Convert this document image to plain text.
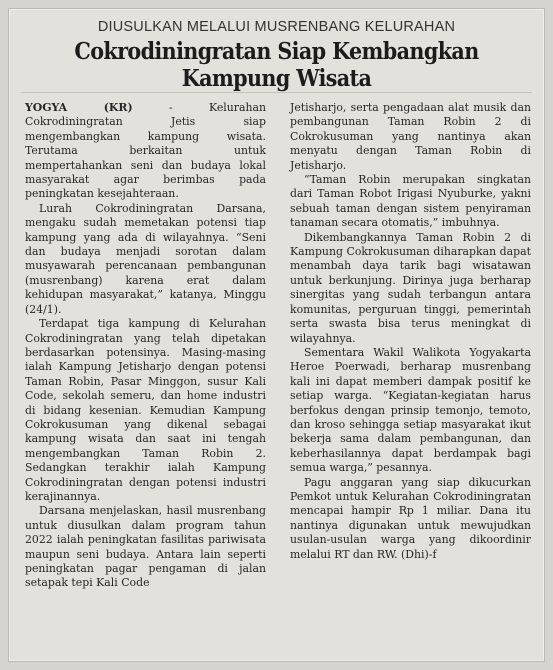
DIUSULKAN MELALUI MUSRENBANG KELURAHAN
Cokrodiningratan Siap Kembangkan Kampung Wisata

YOGYA (KR) - Kelurahan Cokrodiningratan Jetis siap mengembangkan kampung wisata. Terutama berkaitan untuk mempertahankan seni dan budaya lokal masyarakat agar berimbas pada peningkatan kesejahteraan.

Lurah Cokrodiningratan Darsana, mengaku sudah memetakan potensi tiap kampung yang ada di wilayahnya. “Seni dan budaya menjadi sorotan dalam musyawarah perencanaan pembangunan (musrenbang) karena erat dalam kehidupan masyarakat,” katanya, Minggu (24/1).

Terdapat tiga kampung di Kelurahan Cokrodiningratan yang telah dipetakan berdasarkan potensinya. Masing-masing ialah Kampung Jetisharjo dengan potensi Taman Robin, Pasar Minggon, susur Kali Code, sekolah semeru, dan home industri di bidang kesenian. Kemudian Kampung Cokrokusuman yang dikenal sebagai kampung wisata dan saat ini tengah mengembangkan Taman Robin 2. Sedangkan terakhir ialah Kampung Cokrodiningratan dengan potensi industri kerajinannya.

Darsana menjelaskan, hasil musrenbang untuk diusulkan dalam program tahun 2022 ialah peningkatan fasilitas pariwisata maupun seni budaya. Antara lain seperti peningkatan pagar pengaman di jalan setapak tepi Kali Code

Jetisharjo, serta pengadaan alat musik dan pembangunan Taman Robin 2 di Cokrokusuman yang nantinya akan menyatu dengan Taman Robin di Jetisharjo.

“Taman Robin merupakan singkatan dari Taman Robot Irigasi Nyuburke, yakni sebuah taman dengan sistem penyiraman tanaman secara otomatis,” imbuhnya.

Dikembangkannya Taman Robin 2 di Kampung Cokrokusuman diharapkan dapat menambah daya tarik bagi wisatawan untuk berkunjung. Dirinya juga berharap sinergitas yang sudah terbangun antara komunitas, perguruan tinggi, pemerintah serta swasta bisa terus meningkat di wilayahnya.

Sementara Wakil Walikota Yogyakarta Heroe Poerwadi, berharap musrenbang kali ini dapat memberi dampak positif ke setiap warga. “Kegiatan-kegiatan harus berfokus dengan prinsip temonjo, temoto, dan kroso sehingga setiap masyarakat ikut bekerja sama dalam pembangunan, dan keberhasilannya dapat berdampak bagi semua warga,” pesannya.

Pagu anggaran yang siap dikucurkan Pemkot untuk Kelurahan Cokrodiningratan mencapai hampir Rp 1 miliar. Dana itu nantinya digunakan untuk mewujudkan usulan-usulan warga yang dikoordinir melalui RT dan RW. (Dhi)-f
